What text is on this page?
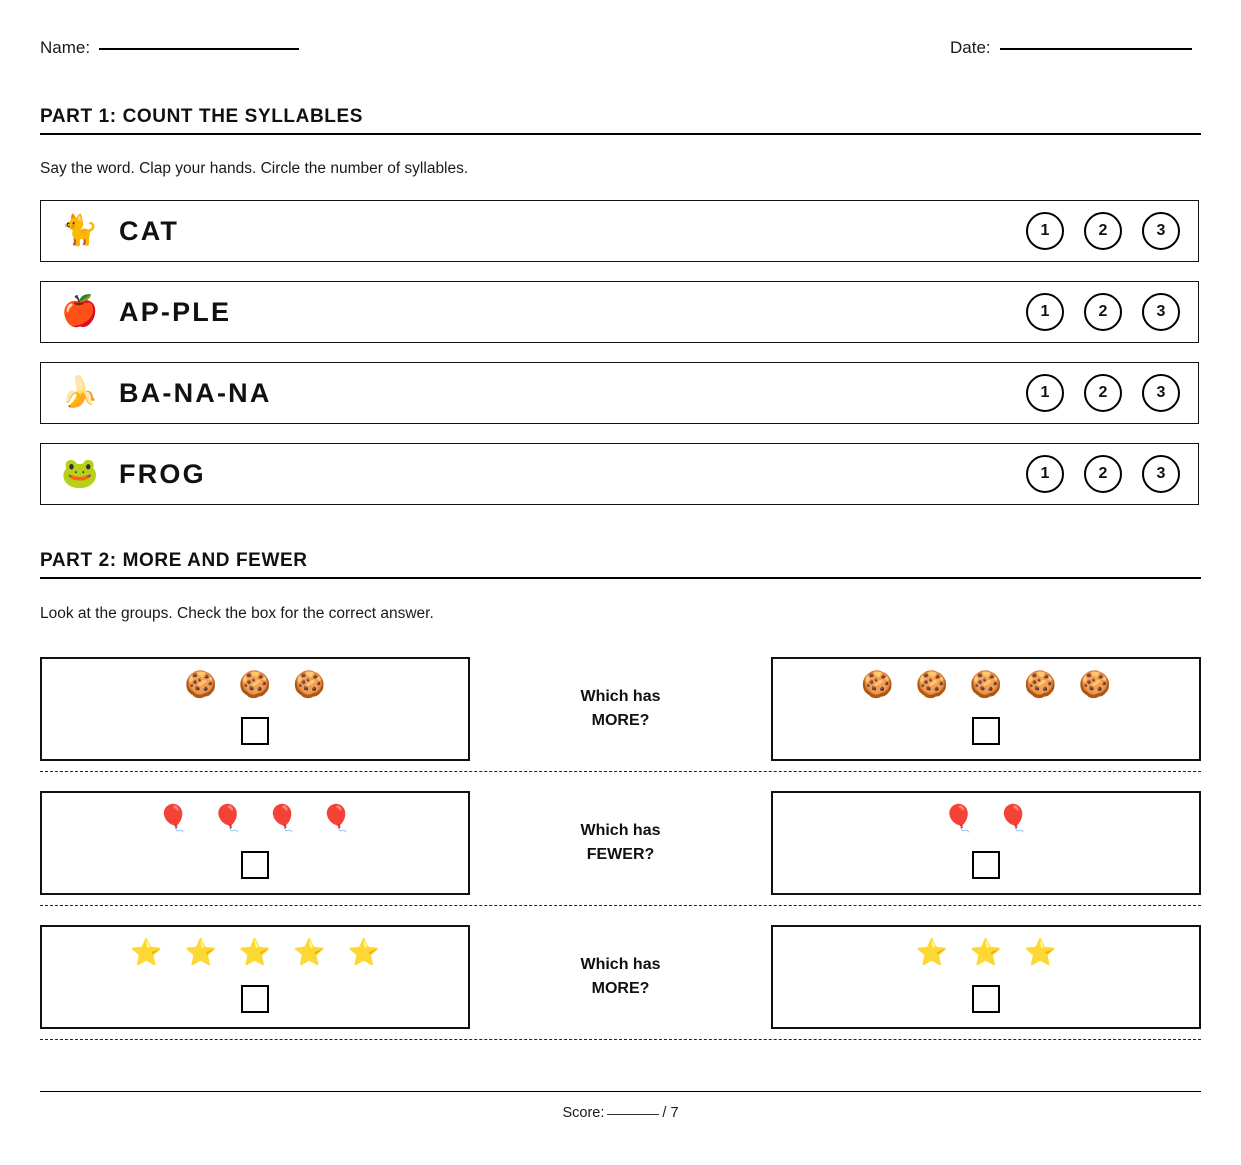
Name:	Date:
PART 1: COUNT THE SYLLABLES
Say the word. Clap your hands. Circle the number of syllables.
🐈 CAT	1	2	3
🍎 AP-PLE	1	2	3
🍌 BA-NA-NA	1	2	3
🐸 FROG	1	2	3
PART 2: MORE AND FEWER
Look at the groups. Check the box for the correct answer.
🍪 🍪 🍪	Which has
MORE?
🍪 🍪 🍪 🍪 🍪
🎈 🎈 🎈 🎈	Which has
FEWER?
🎈 🎈
⭐ ⭐ ⭐ ⭐ ⭐	Which has
MORE?
⭐ ⭐ ⭐
Score:	/ 7
